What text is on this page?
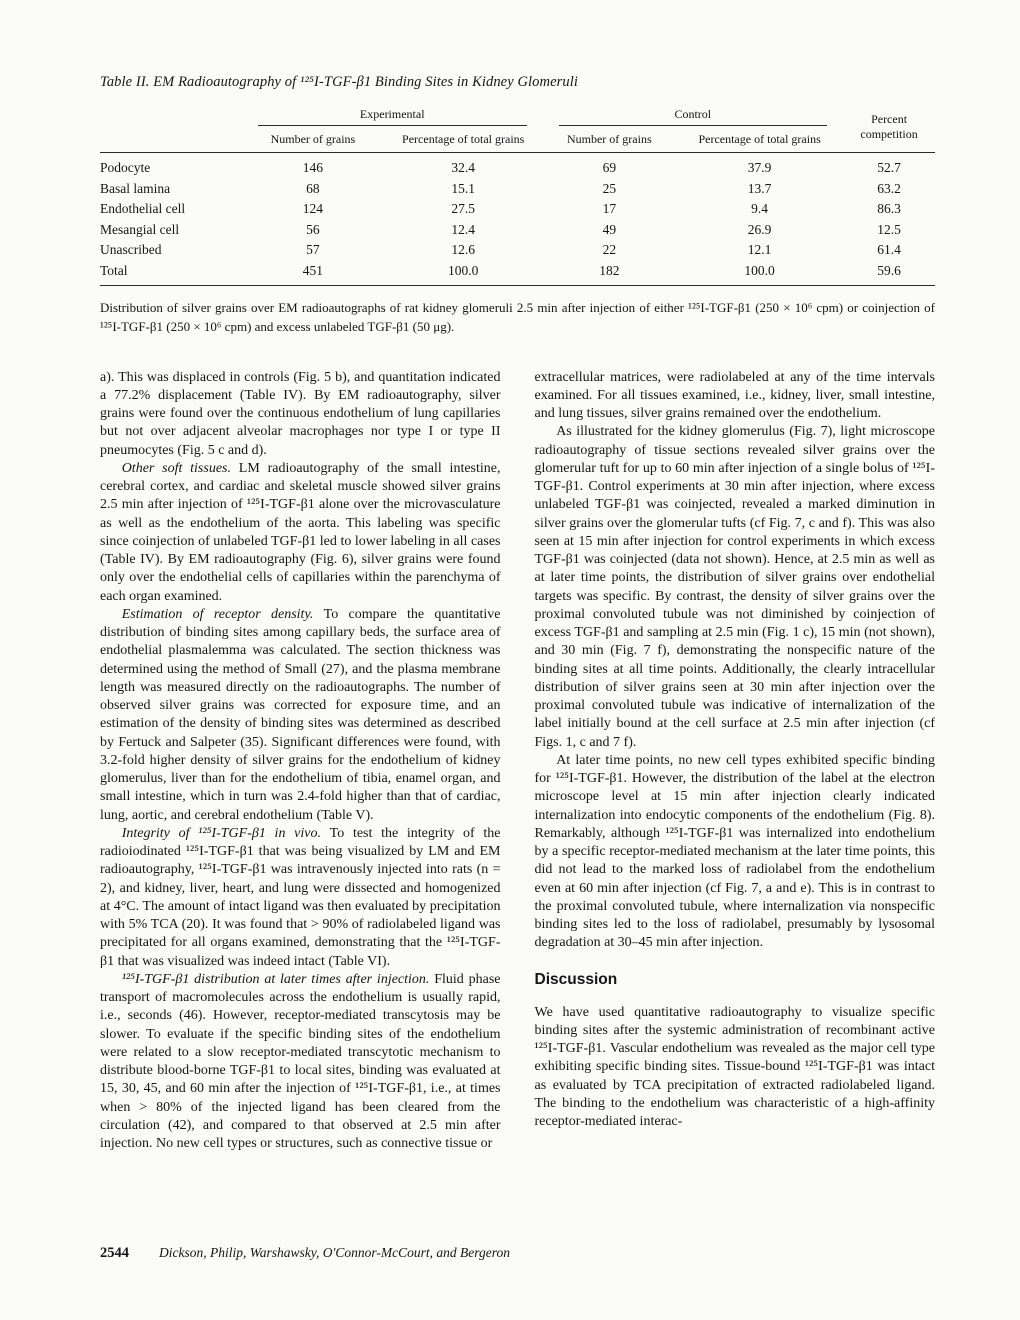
Table II. EM Radioautography of ¹²⁵I-TGF-β1 Binding Sites in Kidney Glomeruli

	Experimental		Control		Percent competition
	Number of grains	Percentage of total grains	Number of grains	Percentage of total grains	
Podocyte	146	32.4	69	37.9	52.7
Basal lamina	68	15.1	25	13.7	63.2
Endothelial cell	124	27.5	17	9.4	86.3
Mesangial cell	56	12.4	49	26.9	12.5
Unascribed	57	12.6	22	12.1	61.4
Total	451	100.0	182	100.0	59.6
Distribution of silver grains over EM radioautographs of rat kidney glomeruli 2.5 min after injection of either ¹²⁵I-TGF-β1 (250 × 10⁶ cpm) or coinjection of ¹²⁵I-TGF-β1 (250 × 10⁶ cpm) and excess unlabeled TGF-β1 (50 μg).

a). This was displaced in controls (Fig. 5 b), and quantitation indicated a 77.2% displacement (Table IV). By EM radioautography, silver grains were found over the continuous endothelium of lung capillaries but not over adjacent alveolar macrophages nor type I or type II pneumocytes (Fig. 5 c and d).

Other soft tissues. LM radioautography of the small intestine, cerebral cortex, and cardiac and skeletal muscle showed silver grains 2.5 min after injection of ¹²⁵I-TGF-β1 alone over the microvasculature as well as the endothelium of the aorta. This labeling was specific since coinjection of unlabeled TGF-β1 led to lower labeling in all cases (Table IV). By EM radioautography (Fig. 6), silver grains were found only over the endothelial cells of capillaries within the parenchyma of each organ examined.

Estimation of receptor density. To compare the quantitative distribution of binding sites among capillary beds, the surface area of endothelial plasmalemma was calculated. The section thickness was determined using the method of Small (27), and the plasma membrane length was measured directly on the radioautographs. The number of observed silver grains was corrected for exposure time, and an estimation of the density of binding sites was determined as described by Fertuck and Salpeter (35). Significant differences were found, with 3.2-fold higher density of silver grains for the endothelium of kidney glomerulus, liver than for the endothelium of tibia, enamel organ, and small intestine, which in turn was 2.4-fold higher than that of cardiac, lung, aortic, and cerebral endothelium (Table V).

Integrity of ¹²⁵I-TGF-β1 in vivo. To test the integrity of the radioiodinated ¹²⁵I-TGF-β1 that was being visualized by LM and EM radioautography, ¹²⁵I-TGF-β1 was intravenously injected into rats (n = 2), and kidney, liver, heart, and lung were dissected and homogenized at 4°C. The amount of intact ligand was then evaluated by precipitation with 5% TCA (20). It was found that > 90% of radiolabeled ligand was precipitated for all organs examined, demonstrating that the ¹²⁵I-TGF-β1 that was visualized was indeed intact (Table VI).

¹²⁵I-TGF-β1 distribution at later times after injection. Fluid phase transport of macromolecules across the endothelium is usually rapid, i.e., seconds (46). However, receptor-mediated transcytosis may be slower. To evaluate if the specific binding sites of the endothelium were related to a slow receptor-mediated transcytotic mechanism to distribute blood-borne TGF-β1 to local sites, binding was evaluated at 15, 30, 45, and 60 min after the injection of ¹²⁵I-TGF-β1, i.e., at times when > 80% of the injected ligand has been cleared from the circulation (42), and compared to that observed at 2.5 min after injection. No new cell types or structures, such as connective tissue or

extracellular matrices, were radiolabeled at any of the time intervals examined. For all tissues examined, i.e., kidney, liver, small intestine, and lung tissues, silver grains remained over the endothelium.

As illustrated for the kidney glomerulus (Fig. 7), light microscope radioautography of tissue sections revealed silver grains over the glomerular tuft for up to 60 min after injection of a single bolus of ¹²⁵I-TGF-β1. Control experiments at 30 min after injection, where excess unlabeled TGF-β1 was coinjected, revealed a marked diminution in silver grains over the glomerular tufts (cf Fig. 7, c and f). This was also seen at 15 min after injection for control experiments in which excess TGF-β1 was coinjected (data not shown). Hence, at 2.5 min as well as at later time points, the distribution of silver grains over endothelial targets was specific. By contrast, the density of silver grains over the proximal convoluted tubule was not diminished by coinjection of excess TGF-β1 and sampling at 2.5 min (Fig. 1 c), 15 min (not shown), and 30 min (Fig. 7 f), demonstrating the nonspecific nature of the binding sites at all time points. Additionally, the clearly intracellular distribution of silver grains seen at 30 min after injection over the proximal convoluted tubule was indicative of internalization of the label initially bound at the cell surface at 2.5 min after injection (cf Figs. 1, c and 7 f).

At later time points, no new cell types exhibited specific binding for ¹²⁵I-TGF-β1. However, the distribution of the label at the electron microscope level at 15 min after injection clearly indicated internalization into endocytic components of the endothelium (Fig. 8). Remarkably, although ¹²⁵I-TGF-β1 was internalized into endothelium by a specific receptor-mediated mechanism at the later time points, this did not lead to the marked loss of radiolabel from the endothelium even at 60 min after injection (cf Fig. 7, a and e). This is in contrast to the proximal convoluted tubule, where internalization via nonspecific binding sites led to the loss of radiolabel, presumably by lysosomal degradation at 30–45 min after injection.

Discussion

We have used quantitative radioautography to visualize specific binding sites after the systemic administration of recombinant active ¹²⁵I-TGF-β1. Vascular endothelium was revealed as the major cell type exhibiting specific binding sites. Tissue-bound ¹²⁵I-TGF-β1 was intact as evaluated by TCA precipitation of extracted radiolabeled ligand. The binding to the endothelium was characteristic of a high-affinity receptor-mediated interac-

2544 Dickson, Philip, Warshawsky, O'Connor-McCourt, and Bergeron
